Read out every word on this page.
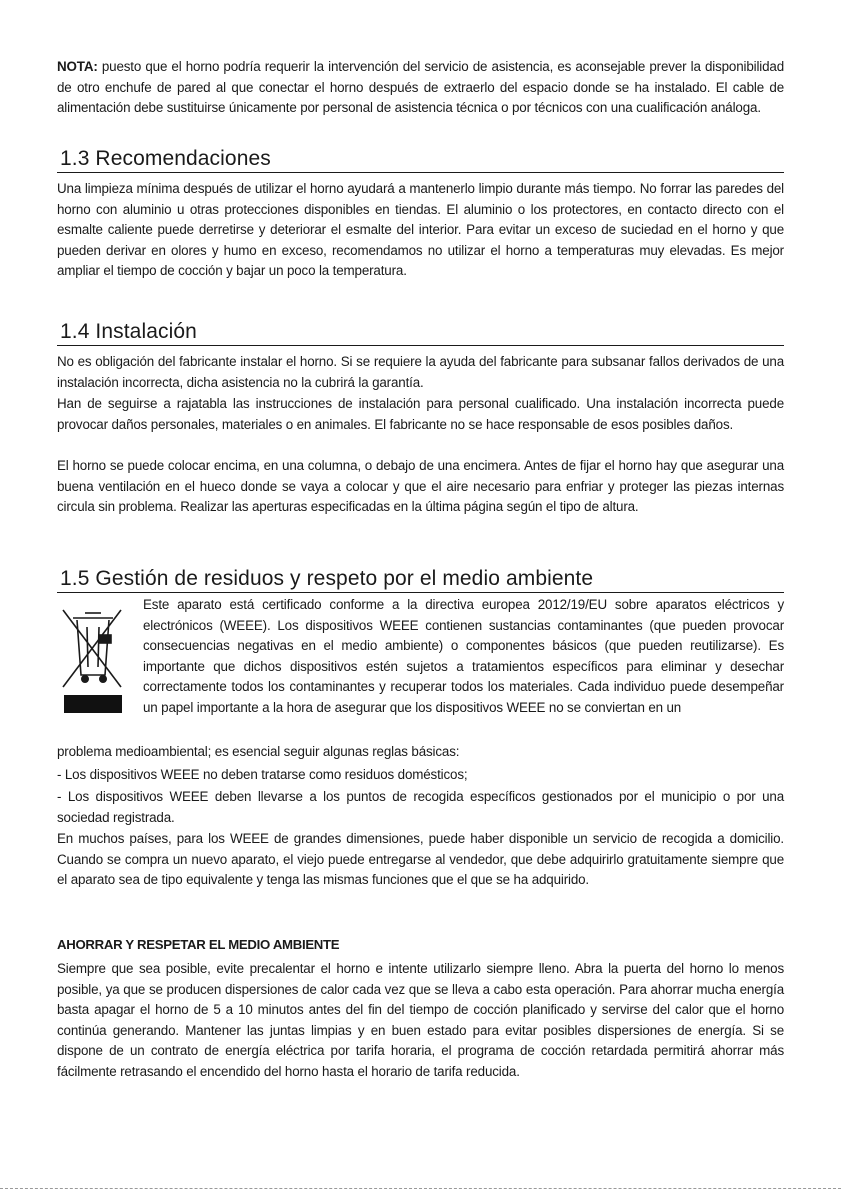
NOTA: puesto que el horno podría requerir la intervención del servicio de asistencia, es aconsejable prever la disponibilidad de otro enchufe de pared al que conectar el horno después de extraerlo del espacio donde se ha instalado. El cable de alimentación debe sustituirse únicamente por personal de asistencia técnica o por técnicos con una cualificación análoga.

1.3 Recomendaciones

Una limpieza mínima después de utilizar el horno ayudará a mantenerlo limpio durante más tiempo. No forrar las paredes del horno con aluminio u otras protecciones disponibles en tiendas. El aluminio o los protectores, en contacto directo con el esmalte caliente puede derretirse y deteriorar el esmalte del interior. Para evitar un exceso de suciedad en el horno y que pueden derivar en olores y humo en exceso, recomendamos no utilizar el horno a temperaturas muy elevadas. Es mejor ampliar el tiempo de cocción y bajar un poco la temperatura.

1.4 Instalación

No es obligación del fabricante instalar el horno. Si se requiere la ayuda del fabricante para subsanar fallos derivados de una instalación incorrecta, dicha asistencia no la cubrirá la garantía.

Han de seguirse a rajatabla las instrucciones de instalación para personal cualificado. Una instalación incorrecta puede provocar daños personales, materiales o en animales. El fabricante no se hace responsable de esos posibles daños.

El horno se puede colocar encima, en una columna, o debajo de una encimera. Antes de fijar el horno hay que asegurar una buena ventilación en el hueco donde se vaya a colocar y que el aire necesario para enfriar y proteger las piezas internas circula sin problema. Realizar las aperturas especificadas en la última página según el tipo de altura.

1.5 Gestión de residuos y respeto por el medio ambiente

Este aparato está certificado conforme a la directiva europea 2012/19/EU sobre aparatos eléctricos y electrónicos (WEEE). Los dispositivos WEEE contienen sustancias contaminantes (que pueden provocar consecuencias negativas en el medio ambiente) o componentes básicos (que pueden reutilizarse). Es importante que dichos dispositivos estén sujetos a tratamientos específicos para eliminar y desechar correctamente todos los contaminantes y recuperar todos los materiales. Cada individuo puede desempeñar un papel importante a la hora de asegurar que los dispositivos WEEE no se conviertan en un

problema medioambiental; es esencial seguir algunas reglas básicas:

- Los dispositivos WEEE no deben tratarse como residuos domésticos;

- Los dispositivos WEEE deben llevarse a los puntos de recogida específicos gestionados por el municipio o por una sociedad registrada.

En muchos países, para los WEEE de grandes dimensiones, puede haber disponible un servicio de recogida a domicilio. Cuando se compra un nuevo aparato, el viejo puede entregarse al vendedor, que debe adquirirlo gratuitamente siempre que el aparato sea de tipo equivalente y tenga las mismas funciones que el que se ha adquirido.

AHORRAR Y RESPETAR EL MEDIO AMBIENTE

Siempre que sea posible, evite precalentar el horno e intente utilizarlo siempre lleno. Abra la puerta del horno lo menos posible, ya que se producen dispersiones de calor cada vez que se lleva a cabo esta operación. Para ahorrar mucha energía basta apagar el horno de 5 a 10 minutos antes del fin del tiempo de cocción planificado y servirse del calor que el horno continúa generando. Mantener las juntas limpias y en buen estado para evitar posibles dispersiones de energía. Si se dispone de un contrato de energía eléctrica por tarifa horaria, el programa de cocción retardada permitirá ahorrar más fácilmente retrasando el encendido del horno hasta el horario de tarifa reducida.
